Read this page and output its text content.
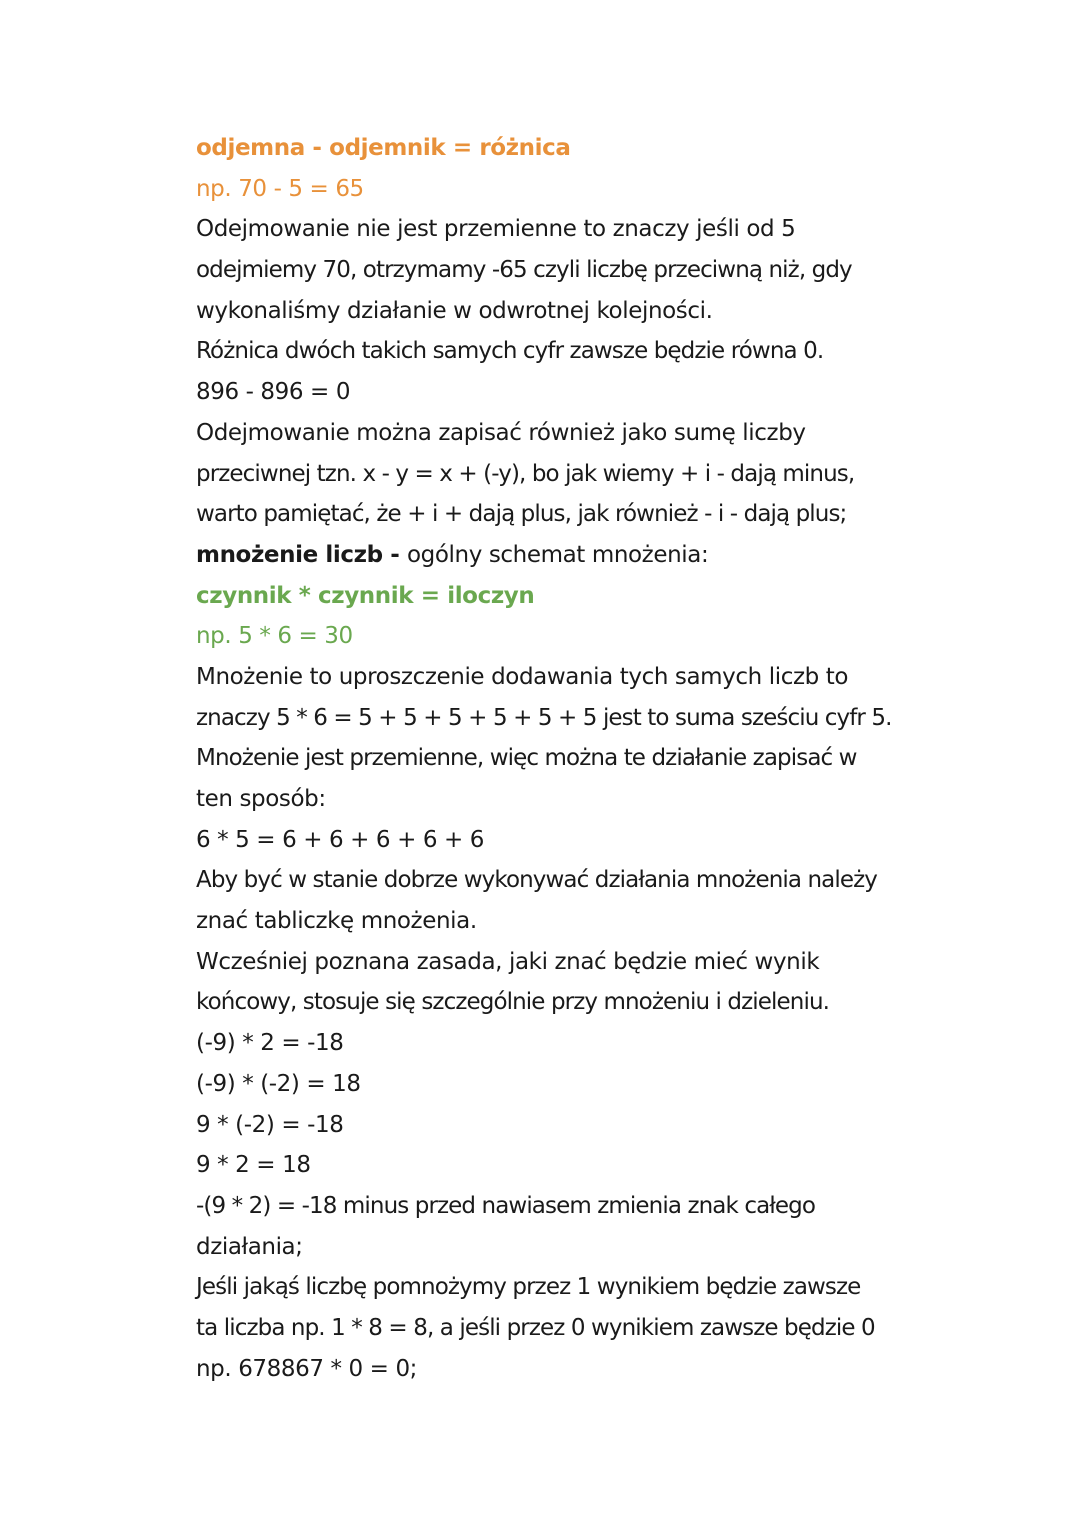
odjemna - odjemnik = różnica
np. 70 - 5 = 65
Odejmowanie nie jest przemienne to znaczy jeśli od 5
odejmiemy 70, otrzymamy -65 czyli liczbę przeciwną niż, gdy
wykonaliśmy działanie w odwrotnej kolejności.
Różnica dwóch takich samych cyfr zawsze będzie równa 0.
896 - 896 = 0
Odejmowanie można zapisać również jako sumę liczby
przeciwnej tzn. x - y = x + (-y), bo jak wiemy + i - dają minus,
warto pamiętać, że + i + dają plus, jak również - i - dają plus;
mnożenie liczb - ogólny schemat mnożenia:
czynnik * czynnik = iloczyn
np. 5 * 6 = 30
Mnożenie to uproszczenie dodawania tych samych liczb to
znaczy 5 * 6 = 5 + 5 + 5 + 5 + 5 + 5 jest to suma sześciu cyfr 5.
Mnożenie jest przemienne, więc można te działanie zapisać w
ten sposób:
6 * 5 = 6 + 6 + 6 + 6 + 6
Aby być w stanie dobrze wykonywać działania mnożenia należy
znać tabliczkę mnożenia.
Wcześniej poznana zasada, jaki znać będzie mieć wynik
końcowy, stosuje się szczególnie przy mnożeniu i dzieleniu.
(-9) * 2 = -18
(-9) * (-2) = 18
9 * (-2) = -18
9 * 2 = 18
-(9 * 2) = -18 minus przed nawiasem zmienia znak całego
działania;
Jeśli jakąś liczbę pomnożymy przez 1 wynikiem będzie zawsze
ta liczba np. 1 * 8 = 8, a jeśli przez 0 wynikiem zawsze będzie 0
np. 678867 * 0 = 0;
